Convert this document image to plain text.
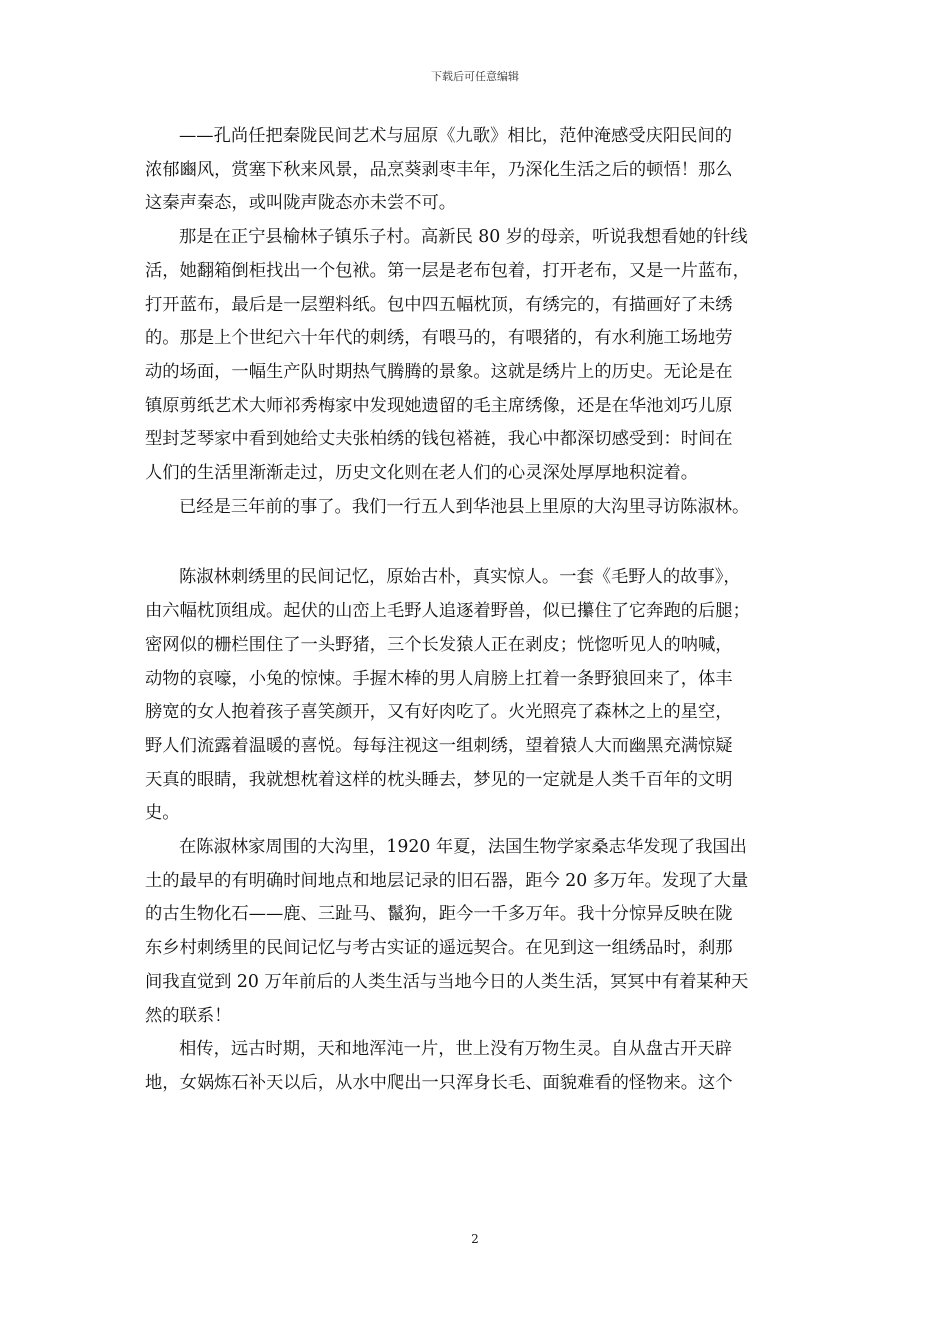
下载后可任意编辑
——孔尚任把秦陇民间艺术与屈原《九歌》相比，范仲淹感受庆阳民间的
浓郁豳风，赏塞下秋来风景，品烹葵剥枣丰年，乃深化生活之后的顿悟！那么
这秦声秦态，或叫陇声陇态亦未尝不可。
那是在正宁县榆林子镇乐子村。高新民 80 岁的母亲，听说我想看她的针线
活，她翻箱倒柜找出一个包袱。第一层是老布包着，打开老布，又是一片蓝布，
打开蓝布，最后是一层塑料纸。包中四五幅枕顶，有绣完的，有描画好了未绣
的。那是上个世纪六十年代的刺绣，有喂马的，有喂猪的，有水利施工场地劳
动的场面，一幅生产队时期热气腾腾的景象。这就是绣片上的历史。无论是在
镇原剪纸艺术大师祁秀梅家中发现她遗留的毛主席绣像，还是在华池刘巧儿原
型封芝琴家中看到她给丈夫张柏绣的钱包褡裢，我心中都深切感受到：时间在
人们的生活里渐渐走过，历史文化则在老人们的心灵深处厚厚地积淀着。
已经是三年前的事了。我们一行五人到华池县上里原的大沟里寻访陈淑林。
陈淑林刺绣里的民间记忆，原始古朴，真实惊人。一套《毛野人的故事》，
由六幅枕顶组成。起伏的山峦上毛野人追逐着野兽，似已攥住了它奔跑的后腿；
密网似的栅栏围住了一头野猪，三个长发猿人正在剥皮；恍惚听见人的呐喊，
动物的哀嚎，小兔的惊悚。手握木棒的男人肩膀上扛着一条野狼回来了，体丰
膀宽的女人抱着孩子喜笑颜开，又有好肉吃了。火光照亮了森林之上的星空，
野人们流露着温暖的喜悦。每每注视这一组刺绣，望着猿人大而幽黑充满惊疑
天真的眼睛，我就想枕着这样的枕头睡去，梦见的一定就是人类千百年的文明
史。
在陈淑林家周围的大沟里，1920 年夏，法国生物学家桑志华发现了我国出
土的最早的有明确时间地点和地层记录的旧石器，距今 20 多万年。发现了大量
的古生物化石——鹿、三趾马、鬣狗，距今一千多万年。我十分惊异反映在陇
东乡村刺绣里的民间记忆与考古实证的遥远契合。在见到这一组绣品时，刹那
间我直觉到 20 万年前后的人类生活与当地今日的人类生活，冥冥中有着某种天
然的联系！
相传，远古时期，天和地浑沌一片，世上没有万物生灵。自从盘古开天辟
地，女娲炼石补天以后，从水中爬出一只浑身长毛、面貌难看的怪物来。这个
2
